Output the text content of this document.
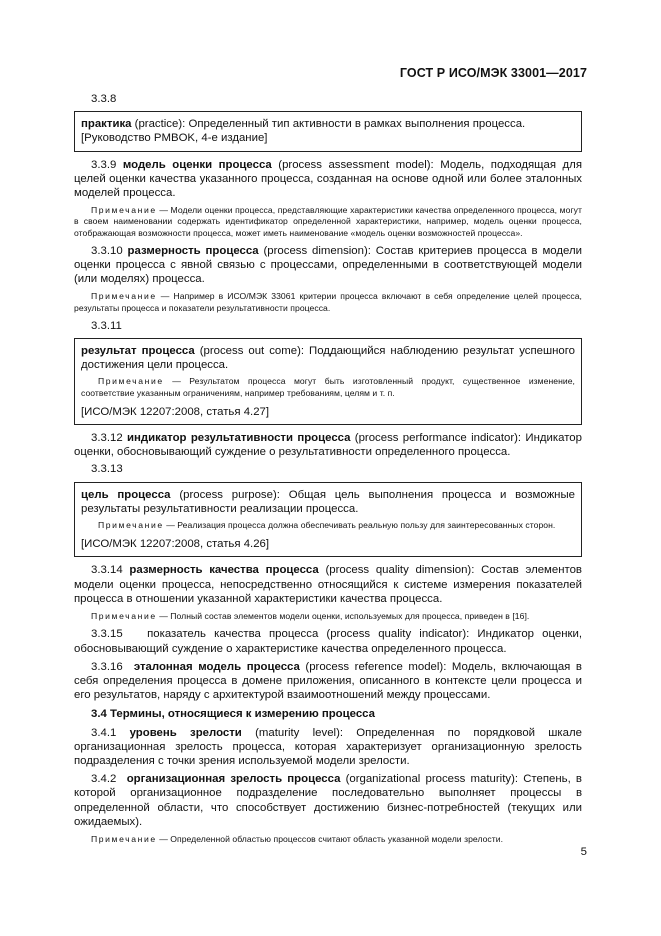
ГОСТ Р ИСО/МЭК 33001—2017

3.3.8

практика (practice): Определенный тип активности в рамках выполнения процесса.

[Руководство PMBOK, 4-е издание]

3.3.9 модель оценки процесса (process assessment model): Модель, подходящая для целей оценки качества указанного процесса, созданная на основе одной или более эталонных моделей процесса.

Примечание — Модели оценки процесса, представляющие характеристики качества определенного процесса, могут в своем наименовании содержать идентификатор определенной характеристики, например, модель оценки процесса, отображающая возможности процесса, может иметь наименование «модель оценки возможностей процесса».

3.3.10 размерность процесса (process dimension): Состав критериев процесса в модели оценки процесса с явной связью с процессами, определенными в соответствующей модели (или моделях) процесса.

Примечание — Например в ИСО/МЭК 33061 критерии процесса включают в себя определение целей процесса, результаты процесса и показатели результативности процесса.

3.3.11

результат процесса (process out come): Поддающийся наблюдению результат успешного достижения цели процесса.

Примечание — Результатом процесса могут быть изготовленный продукт, существенное изменение, соответствие указанным ограничениям, например требованиям, целям и т. п.

[ИСО/МЭК 12207:2008, статья 4.27]

3.3.12 индикатор результативности процесса (process performance indicator): Индикатор оценки, обосновывающий суждение о результативности определенного процесса.

3.3.13

цель процесса (process purpose): Общая цель выполнения процесса и возможные результаты результативности реализации процесса.

Примечание — Реализация процесса должна обеспечивать реальную пользу для заинтересованных сторон.

[ИСО/МЭК 12207:2008, статья 4.26]

3.3.14 размерность качества процесса (process quality dimension): Состав элементов модели оценки процесса, непосредственно относящийся к системе измерения показателей процесса в отношении указанной характеристики качества процесса.

Примечание — Полный состав элементов модели оценки, используемых для процесса, приведен в [16].

3.3.15 показатель качества процесса (process quality indicator): Индикатор оценки, обосновывающий суждение о характеристике качества определенного процесса.

3.3.16 эталонная модель процесса (process reference model): Модель, включающая в себя определения процесса в домене приложения, описанного в контексте цели процесса и его результатов, наряду с архитектурой взаимоотношений между процессами.

3.4 Термины, относящиеся к измерению процесса

3.4.1 уровень зрелости (maturity level): Определенная по порядковой шкале организационная зрелость процесса, которая характеризует организационную зрелость подразделения с точки зрения используемой модели зрелости.

3.4.2 организационная зрелость процесса (organizational process maturity): Степень, в которой организационное подразделение последовательно выполняет процессы в определенной области, что способствует достижению бизнес-потребностей (текущих или ожидаемых).

Примечание — Определенной областью процессов считают область указанной модели зрелости.

5
